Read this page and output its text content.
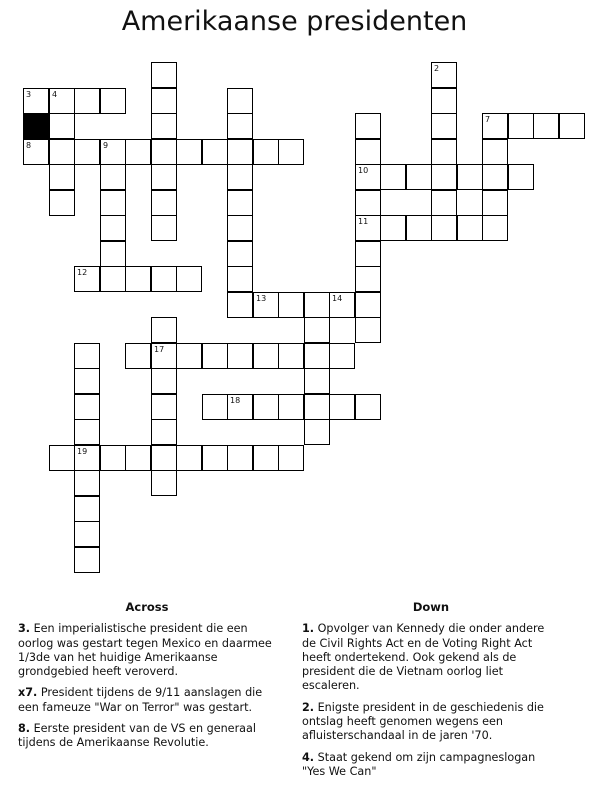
Amerikaanse presidenten
3	4
7
8	9
10
11
12
13	14
17
18
19
2
Across

3. Een imperialistische president die een oorlog was gestart tegen Mexico en daarmee 1/3de van het huidige Amerikaanse grondgebied heeft veroverd.

x7. President tijdens de 9/11 aanslagen die een fameuze "War on Terror" was gestart.

8. Eerste president van de VS en generaal tijdens de Amerikaanse Revolutie.

Down

1. Opvolger van Kennedy die onder andere de Civil Rights Act en de Voting Right Act heeft ondertekend. Ook gekend als de president die de Vietnam oorlog liet escaleren.

2. Enigste president in de geschiedenis die ontslag heeft genomen wegens een afluisterschandaal in de jaren '70.

4. Staat gekend om zijn campagneslogan "Yes We Can"
